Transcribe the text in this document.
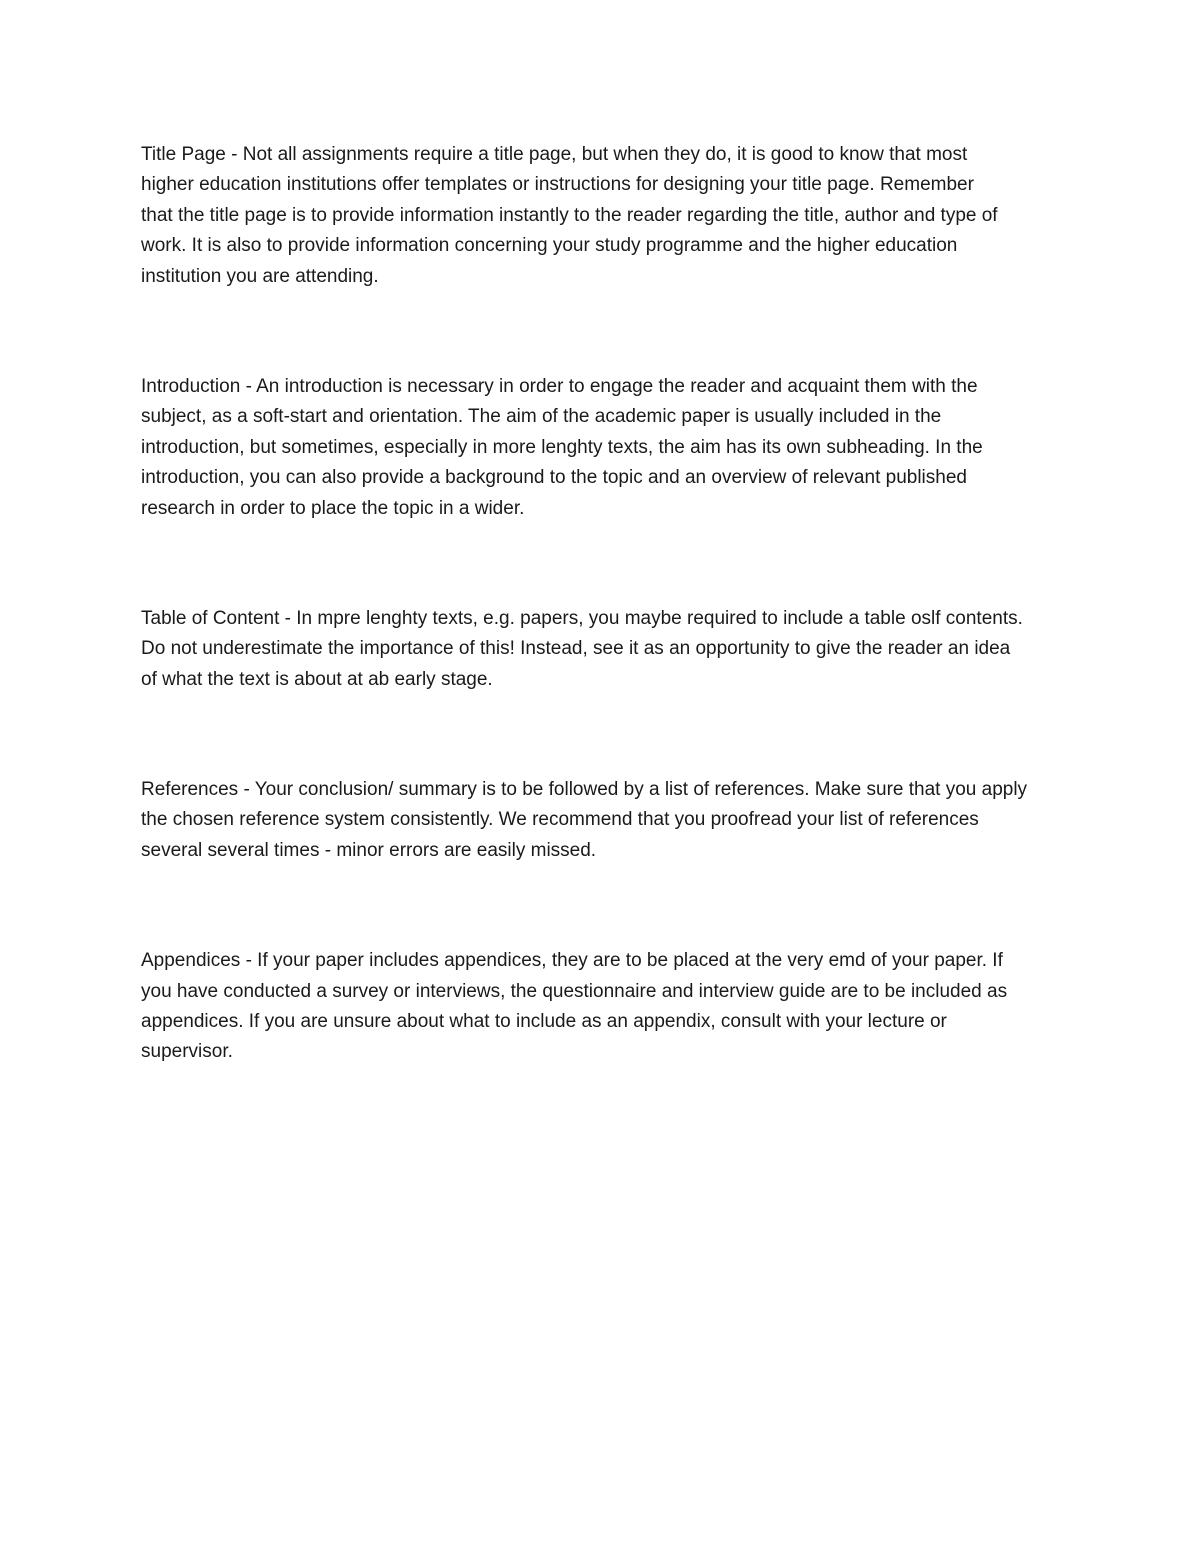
Title Page - Not all assignments require a title page, but when they do, it is good to know that most
higher education institutions offer templates or instructions for designing your title page. Remember
that the title page is to provide information instantly to the reader regarding the title, author and type of
work. It is also to provide information concerning your study programme and the higher education
institution you are attending.
Introduction - An introduction is necessary in order to engage the reader and acquaint them with the
subject, as a soft-start and orientation. The aim of the academic paper is usually included in the
introduction, but sometimes, especially in more lenghty texts, the aim has its own subheading. In the
introduction, you can also provide a background to the topic and an overview of relevant published
research in order to place the topic in a wider.
Table of Content - In mpre lenghty texts, e.g. papers, you maybe required to include a table oslf contents.
Do not underestimate the importance of this! Instead, see it as an opportunity to give the reader an idea
of what the text is about at ab early stage.
References - Your conclusion/ summary is to be followed by a list of references. Make sure that you apply
the chosen reference system consistently. We recommend that you proofread your list of references
several several times - minor errors are easily missed.
Appendices - If your paper includes appendices, they are to be placed at the very emd of your paper. If
you have conducted a survey or interviews, the questionnaire and interview guide are to be included as
appendices. If you are unsure about what to include as an appendix, consult with your lecture or
supervisor.
